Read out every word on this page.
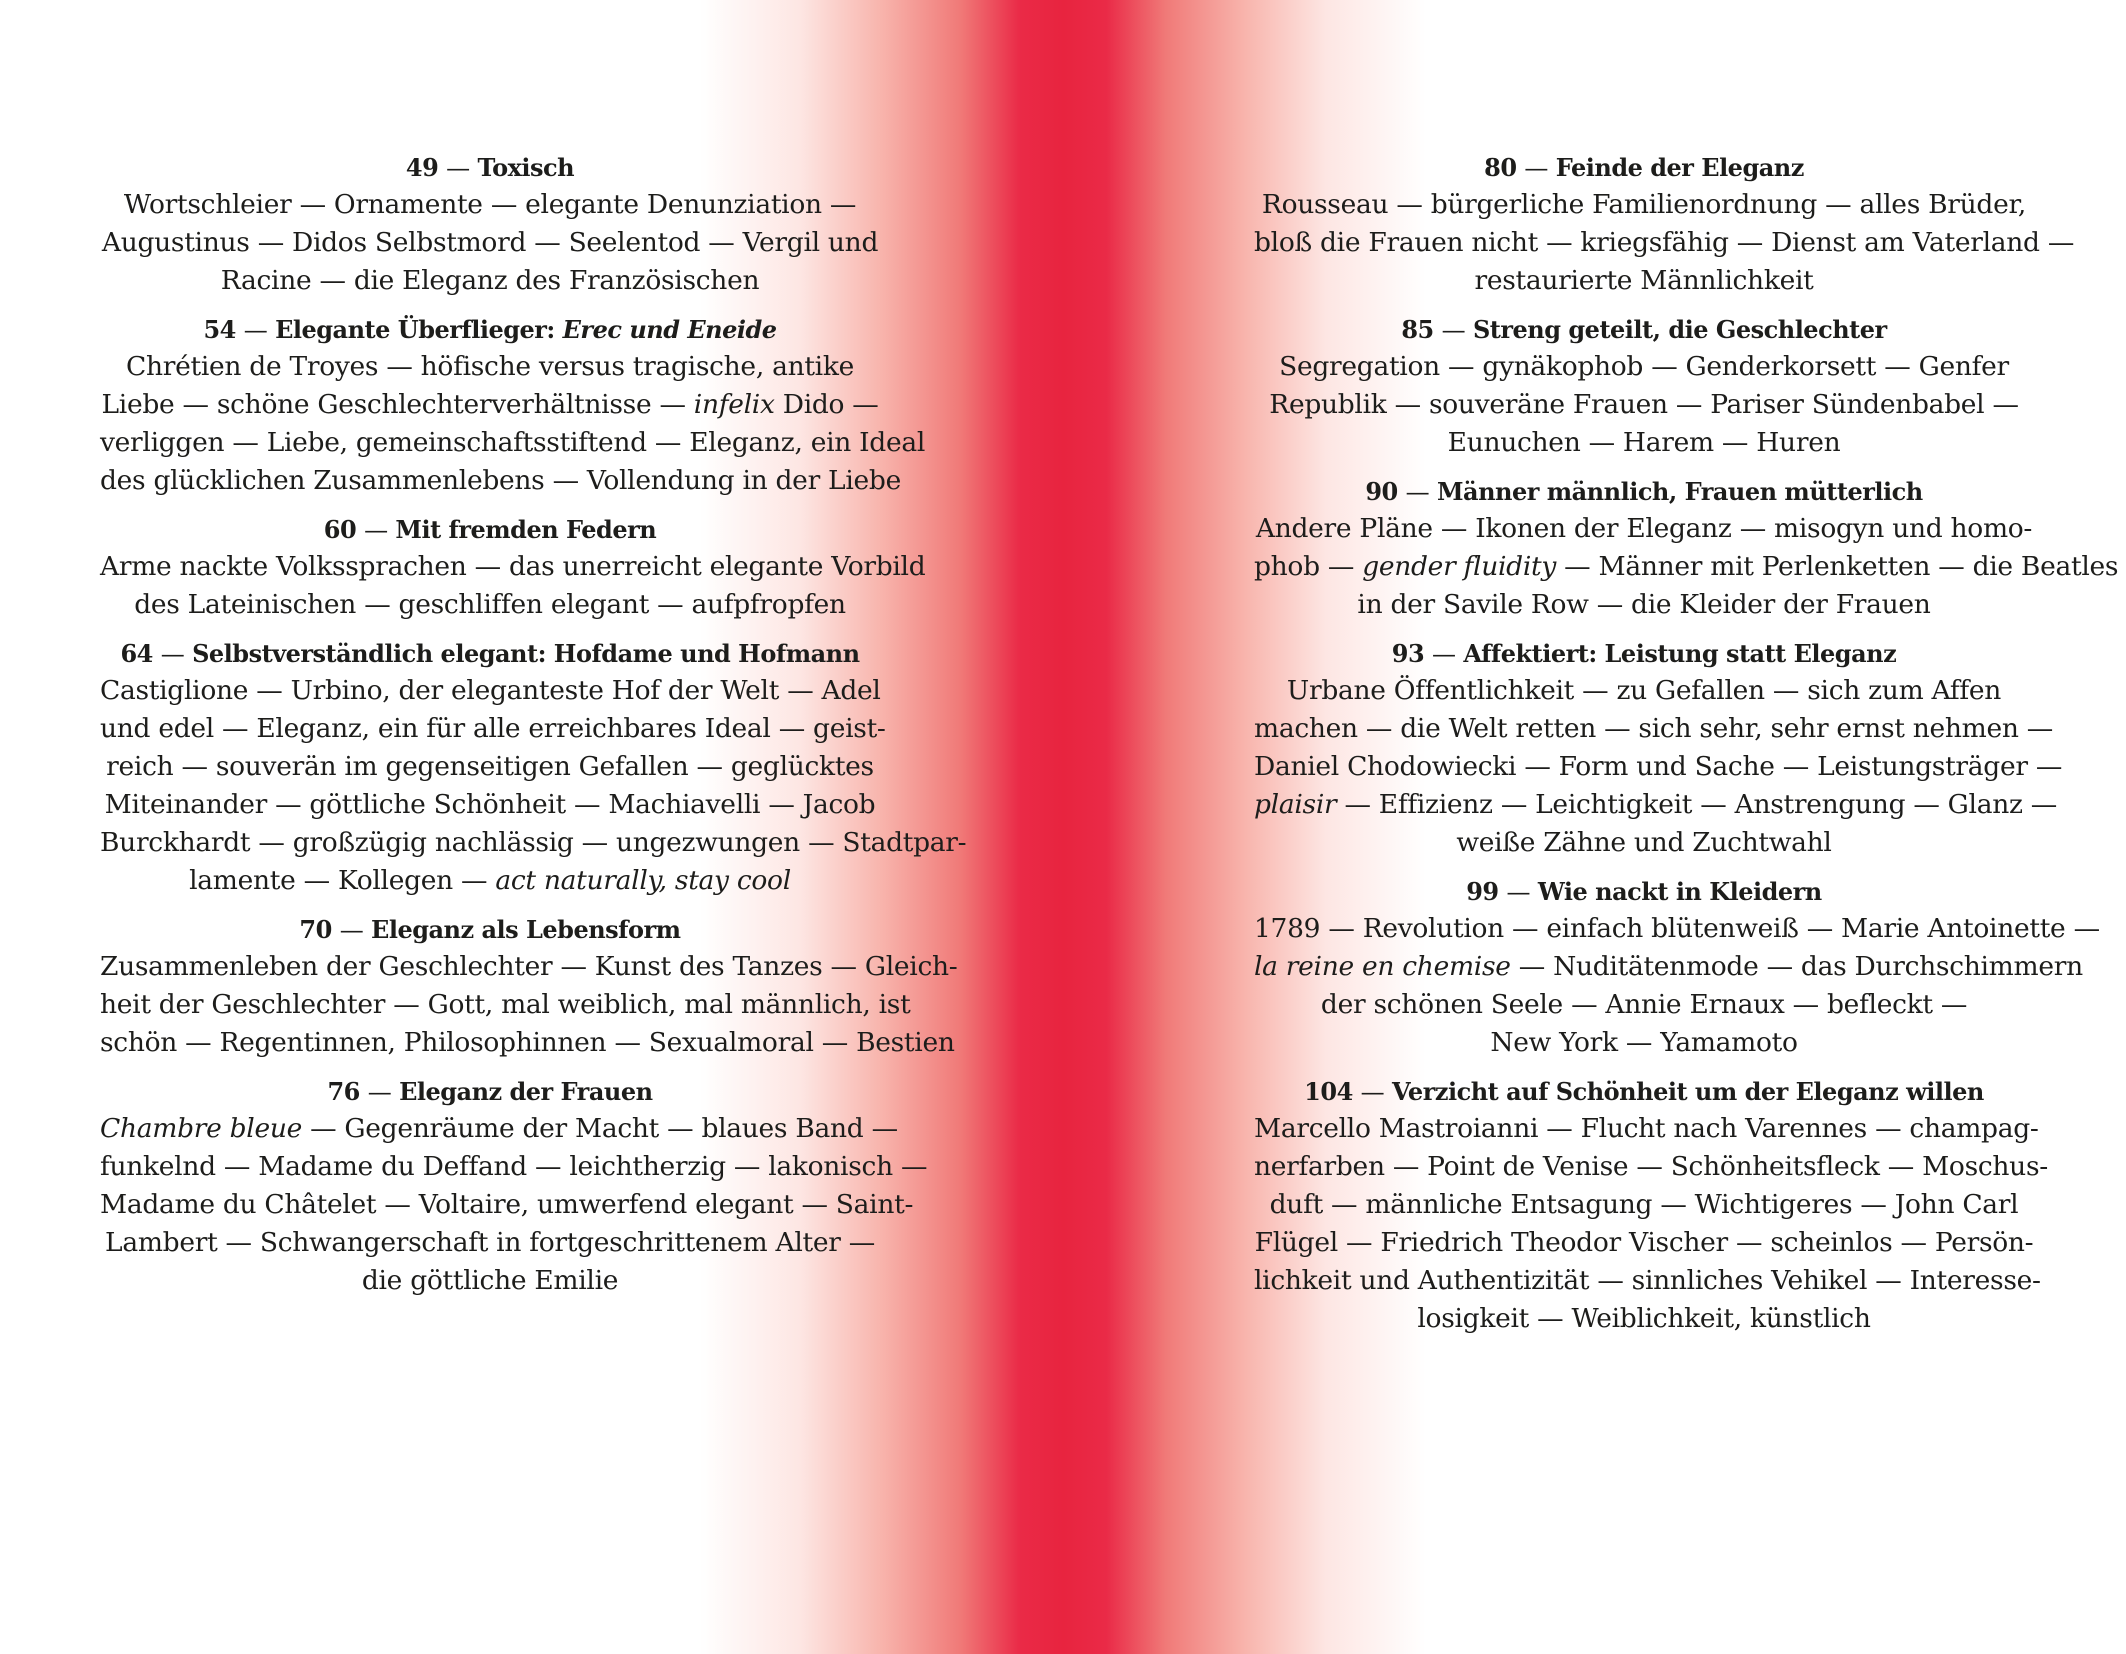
49 — Toxisch
Wortschleier — Ornamente — elegante Denunziation —
Augustinus — Didos Selbstmord — Seelentod — Vergil und
Racine — die Eleganz des Französischen
54 — Elegante Überflieger: Erec und Eneide
Chrétien de Troyes — höfische versus tragische, antike
Liebe — schöne Geschlechterverhältnisse — infelix Dido —
verliggen — Liebe, gemeinschaftsstiftend — Eleganz, ein Ideal
des glücklichen Zusammenlebens — Vollendung in der Liebe
60 — Mit fremden Federn
Arme nackte Volkssprachen — das unerreicht elegante Vorbild
des Lateinischen — geschliffen elegant — aufpfropfen
64 — Selbstverständlich elegant: Hofdame und Hofmann
Castiglione — Urbino, der eleganteste Hof der Welt — Adel
und edel — Eleganz, ein für alle erreichbares Ideal — geist-
reich — souverän im gegenseitigen Gefallen — geglücktes
Miteinander — göttliche Schönheit — Machiavelli — Jacob
Burckhardt — großzügig nachlässig — ungezwungen — Stadtpar-
lamente — Kollegen — act naturally, stay cool
70 — Eleganz als Lebensform
Zusammenleben der Geschlechter — Kunst des Tanzes — Gleich-
heit der Geschlechter — Gott, mal weiblich, mal männlich, ist
schön — Regentinnen, Philosophinnen — Sexualmoral — Bestien
76 — Eleganz der Frauen
Chambre bleue — Gegenräume der Macht — blaues Band —
funkelnd — Madame du Deffand — leichtherzig — lakonisch —
Madame du Châtelet — Voltaire, umwerfend elegant — Saint-
Lambert — Schwangerschaft in fortgeschrittenem Alter —
die göttliche Emilie
80 — Feinde der Eleganz
Rousseau — bürgerliche Familienordnung — alles Brüder,
bloß die Frauen nicht — kriegsfähig — Dienst am Vaterland —
restaurierte Männlichkeit
85 — Streng geteilt, die Geschlechter
Segregation — gynäkophob — Genderkorsett — Genfer
Republik — souveräne Frauen — Pariser Sündenbabel —
Eunuchen — Harem — Huren
90 — Männer männlich, Frauen mütterlich
Andere Pläne — Ikonen der Eleganz — misogyn und homo-
phob — gender fluidity — Männer mit Perlenketten — die Beatles
in der Savile Row — die Kleider der Frauen
93 — Affektiert: Leistung statt Eleganz
Urbane Öffentlichkeit — zu Gefallen — sich zum Affen
machen — die Welt retten — sich sehr, sehr ernst nehmen —
Daniel Chodowiecki — Form und Sache — Leistungsträger —
plaisir — Effizienz — Leichtigkeit — Anstrengung — Glanz —
weiße Zähne und Zuchtwahl
99 — Wie nackt in Kleidern
1789 — Revolution — einfach blütenweiß — Marie Antoinette —
la reine en chemise — Nuditätenmode — das Durchschimmern
der schönen Seele — Annie Ernaux — befleckt —
New York — Yamamoto
104 — Verzicht auf Schönheit um der Eleganz willen
Marcello Mastroianni — Flucht nach Varennes — champag-
nerfarben — Point de Venise — Schönheitsfleck — Moschus-
duft — männliche Entsagung — Wichtigeres — John Carl
Flügel — Friedrich Theodor Vischer — scheinlos — Persön-
lichkeit und Authentizität — sinnliches Vehikel — Interesse-
losigkeit — Weiblichkeit, künstlich
